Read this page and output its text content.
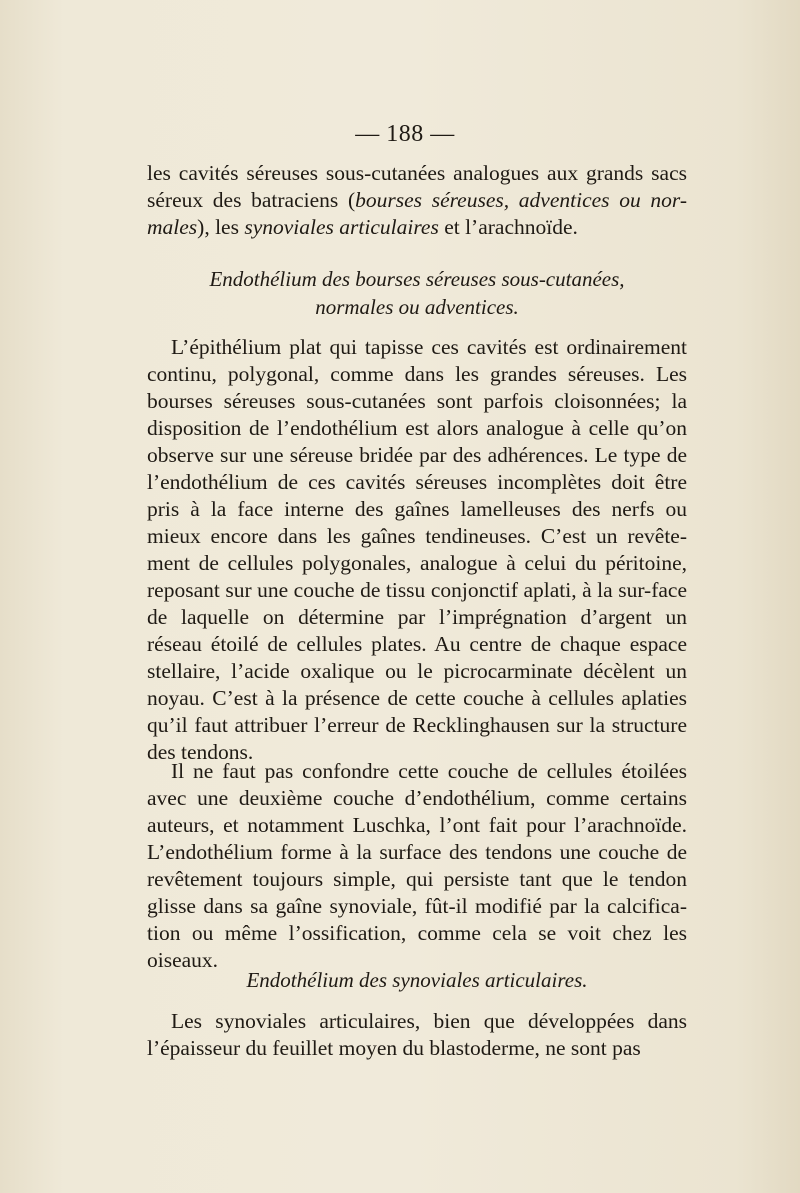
— 188 —

les cavités séreuses sous-cutanées analogues aux grands sacs séreux des batraciens (bourses séreuses, adventices ou nor-males), les synoviales articulaires et l’arachnoïde.

Endothélium des bourses séreuses sous-cutanées,
normales ou adventices.

L’épithélium plat qui tapisse ces cavités est ordinairement continu, polygonal, comme dans les grandes séreuses. Les bourses séreuses sous-cutanées sont parfois cloisonnées; la disposition de l’endothélium est alors analogue à celle qu’on observe sur une séreuse bridée par des adhérences. Le type de l’endothélium de ces cavités séreuses incomplètes doit être pris à la face interne des gaînes lamelleuses des nerfs ou mieux encore dans les gaînes tendineuses. C’est un revête-ment de cellules polygonales, analogue à celui du péritoine, reposant sur une couche de tissu conjonctif aplati, à la sur-face de laquelle on détermine par l’imprégnation d’argent un réseau étoilé de cellules plates. Au centre de chaque espace stellaire, l’acide oxalique ou le picrocarminate décèlent un noyau. C’est à la présence de cette couche à cellules aplaties qu’il faut attribuer l’erreur de Recklinghausen sur la structure des tendons.

Il ne faut pas confondre cette couche de cellules étoilées avec une deuxième couche d’endothélium, comme certains auteurs, et notamment Luschka, l’ont fait pour l’arachnoïde. L’endothélium forme à la surface des tendons une couche de revêtement toujours simple, qui persiste tant que le tendon glisse dans sa gaîne synoviale, fût-il modifié par la calcifica-tion ou même l’ossification, comme cela se voit chez les oiseaux.

Endothélium des synoviales articulaires.

Les synoviales articulaires, bien que développées dans l’épaisseur du feuillet moyen du blastoderme, ne sont pas
